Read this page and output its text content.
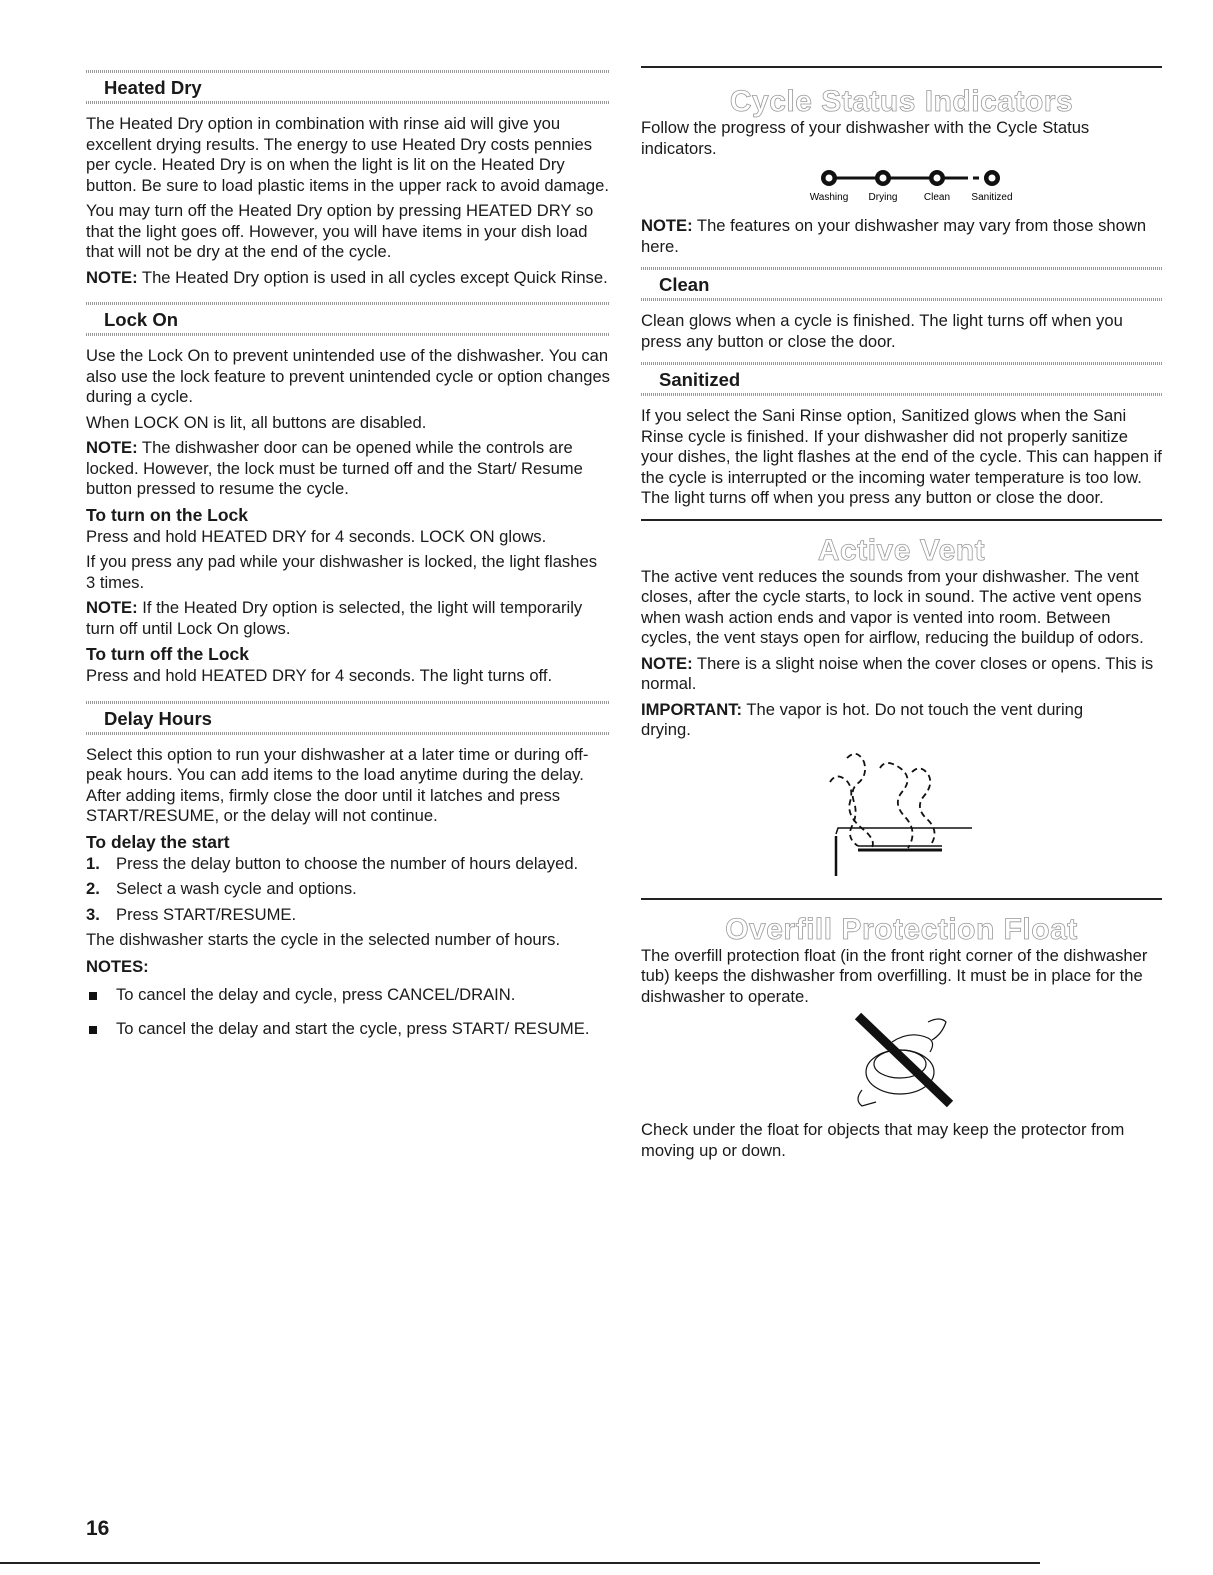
Heated Dry

The Heated Dry option in combination with rinse aid will give you excellent drying results. The energy to use Heated Dry costs pennies per cycle. Heated Dry is on when the light is lit on the Heated Dry button. Be sure to load plastic items in the upper rack to avoid damage.

You may turn off the Heated Dry option by pressing HEATED DRY so that the light goes off. However, you will have items in your dish load that will not be dry at the end of the cycle.

NOTE: The Heated Dry option is used in all cycles except Quick Rinse.

Lock On

Use the Lock On to prevent unintended use of the dishwasher. You can also use the lock feature to prevent unintended cycle or option changes during a cycle.

When LOCK ON is lit, all buttons are disabled.

NOTE: The dishwasher door can be opened while the controls are locked. However, the lock must be turned off and the Start/ Resume button pressed to resume the cycle.

To turn on the Lock

Press and hold HEATED DRY for 4 seconds. LOCK ON glows.

If you press any pad while your dishwasher is locked, the light flashes 3 times.

NOTE: If the Heated Dry option is selected, the light will temporarily turn off until Lock On glows.

To turn off the Lock

Press and hold HEATED DRY for 4 seconds. The light turns off.

Delay Hours

Select this option to run your dishwasher at a later time or during off-peak hours. You can add items to the load anytime during the delay. After adding items, firmly close the door until it latches and press START/RESUME, or the delay will not continue.

To delay the start
1. Press the delay button to choose the number of hours delayed.
2. Select a wash cycle and options.
3. Press START/RESUME.

The dishwasher starts the cycle in the selected number of hours.

NOTES:
To cancel the delay and cycle, press CANCEL/DRAIN.
To cancel the delay and start the cycle, press START/ RESUME.
Cycle Status Indicators

Follow the progress of your dishwasher with the Cycle Status indicators.

Washing Drying	Clean Sanitized

NOTE: The features on your dishwasher may vary from those shown here.

Clean

Clean glows when a cycle is finished. The light turns off when you press any button or close the door.

Sanitized

If you select the Sani Rinse option, Sanitized glows when the Sani Rinse cycle is finished. If your dishwasher did not properly sanitize your dishes, the light flashes at the end of the cycle. This can happen if the cycle is interrupted or the incoming water temperature is too low. The light turns off when you press any button or close the door.

Active Vent

The active vent reduces the sounds from your dishwasher. The vent closes, after the cycle starts, to lock in sound. The active vent opens when wash action ends and vapor is vented into room. Between cycles, the vent stays open for airflow, reducing the buildup of odors.

NOTE: There is a slight noise when the cover closes or opens. This is normal.

IMPORTANT: The vapor is hot. Do not touch the vent during drying.

Overfill Protection Float

The overfill protection float (in the front right corner of the dishwasher tub) keeps the dishwasher from overfilling. It must be in place for the dishwasher to operate.

Check under the float for objects that may keep the protector from moving up or down.

16
